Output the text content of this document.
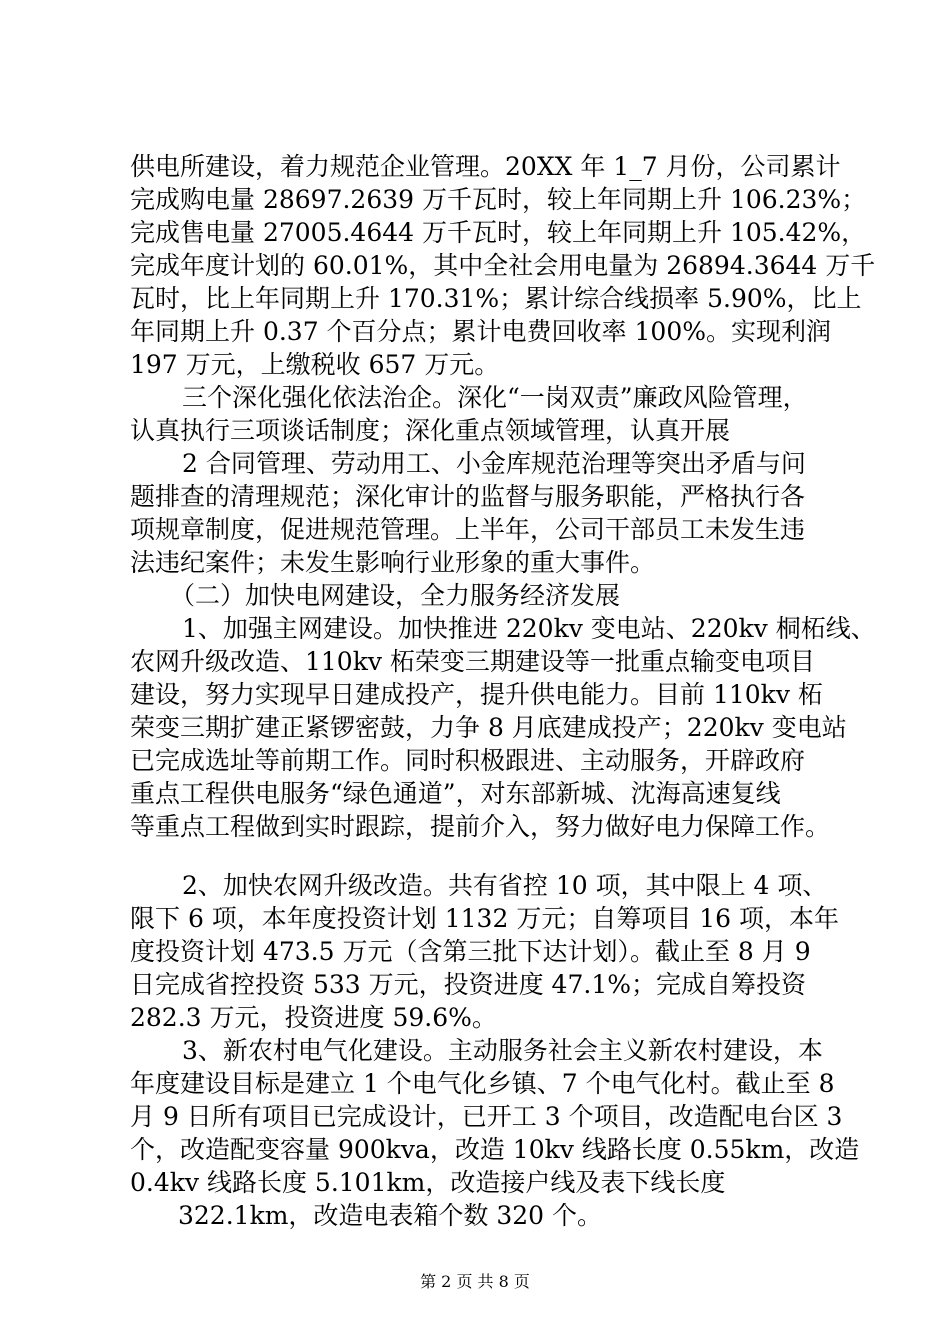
供电所建设，着力规范企业管理。20XX 年 1_7 月份，公司累计
完成购电量 28697.2639 万千瓦时，较上年同期上升 106.23%；
完成售电量 27005.4644 万千瓦时，较上年同期上升 105.42%，
完成年度计划的 60.01%，其中全社会用电量为 26894.3644 万千
瓦时，比上年同期上升 170.31%；累计综合线损率 5.90%，比上
年同期上升 0.37 个百分点；累计电费回收率 100%。实现利润
197 万元，上缴税收 657 万元。
三个深化强化依法治企。深化“一岗双责”廉政风险管理，
认真执行三项谈话制度；深化重点领域管理，认真开展
2 合同管理、劳动用工、小金库规范治理等突出矛盾与问
题排查的清理规范；深化审计的监督与服务职能，严格执行各
项规章制度，促进规范管理。上半年，公司干部员工未发生违
法违纪案件；未发生影响行业形象的重大事件。
（二）加快电网建设，全力服务经济发展
1、加强主网建设。加快推进 220kv 变电站、220kv 桐柘线、
农网升级改造、110kv 柘荣变三期建设等一批重点输变电项目
建设，努力实现早日建成投产，提升供电能力。目前 110kv 柘
荣变三期扩建正紧锣密鼓，力争 8 月底建成投产；220kv 变电站
已完成选址等前期工作。同时积极跟进、主动服务，开辟政府
重点工程供电服务“绿色通道”，对东部新城、沈海高速复线
等重点工程做到实时跟踪，提前介入，努力做好电力保障工作。
2、加快农网升级改造。共有省控 10 项，其中限上 4 项、
限下 6 项，本年度投资计划 1132 万元；自筹项目 16 项，本年
度投资计划 473.5 万元（含第三批下达计划）。截止至 8 月 9
日完成省控投资 533 万元，投资进度 47.1%；完成自筹投资
282.3 万元，投资进度 59.6%。
3、新农村电气化建设。主动服务社会主义新农村建设，本
年度建设目标是建立 1 个电气化乡镇、7 个电气化村。截止至 8
月 9 日所有项目已完成设计，已开工 3 个项目，改造配电台区 3
个，改造配变容量 900kva，改造 10kv 线路长度 0.55km，改造
0.4kv 线路长度 5.101km，改造接户线及表下线长度
322.1km，改造电表箱个数 320 个。
第 2 页 共 8 页
